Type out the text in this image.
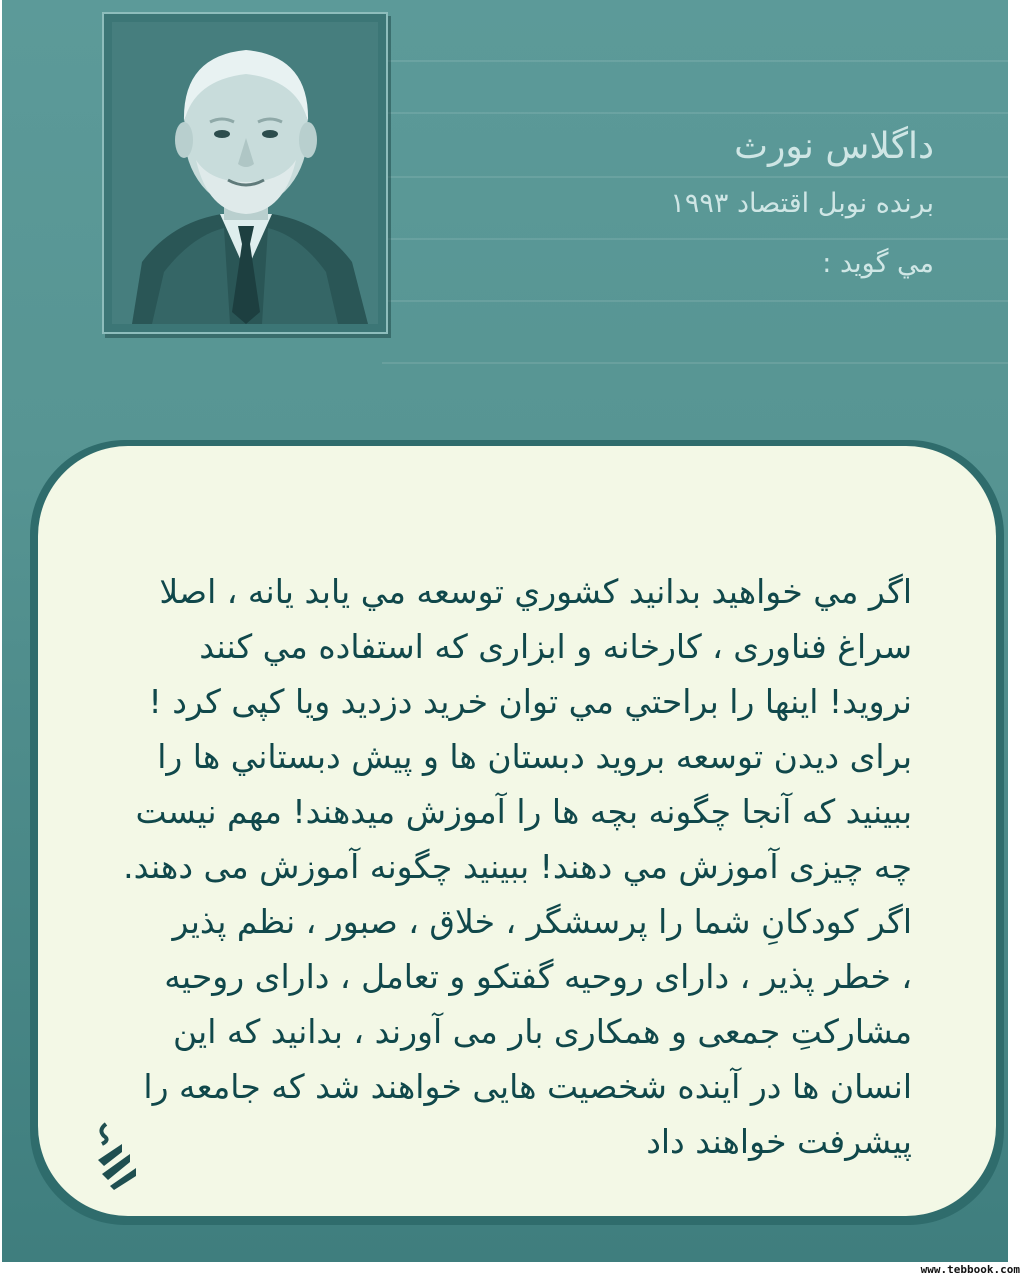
داگلاس نورث
برنده نوبل اقتصاد ۱۹۹۳
مي گويد :
اگر مي خواهيد بدانيد كشوري توسعه مي يابد يانه ، اصلا
سراغ فناوری ، كارخانه و ابزاری كه استفاده مي كنند
نرويد! اينها را براحتي مي توان خريد دزديد ويا كپی كرد !
برای ديدن توسعه برويد دبستان ها و پيش دبستاني ها را
ببينيد كه آنجا چگونه بچه ها را آموزش ميدهند! مهم نيست
چه چيزی آموزش مي دهند! ببينيد چگونه آموزش می دهند.
اگر كودكانِ شما را پرسشگر ، خلاق ، صبور ، نظم پذير
، خطر پذير ، دارای روحيه گفتكو و تعامل ، دارای روحيه
مشاركتِ جمعی و همكاری بار می آورند ، بدانيد كه اين
انسان ها در آينده شخصيت هايی خواهند شد كه جامعه را
پيشرفت خواهند داد
www.tebbook.com
